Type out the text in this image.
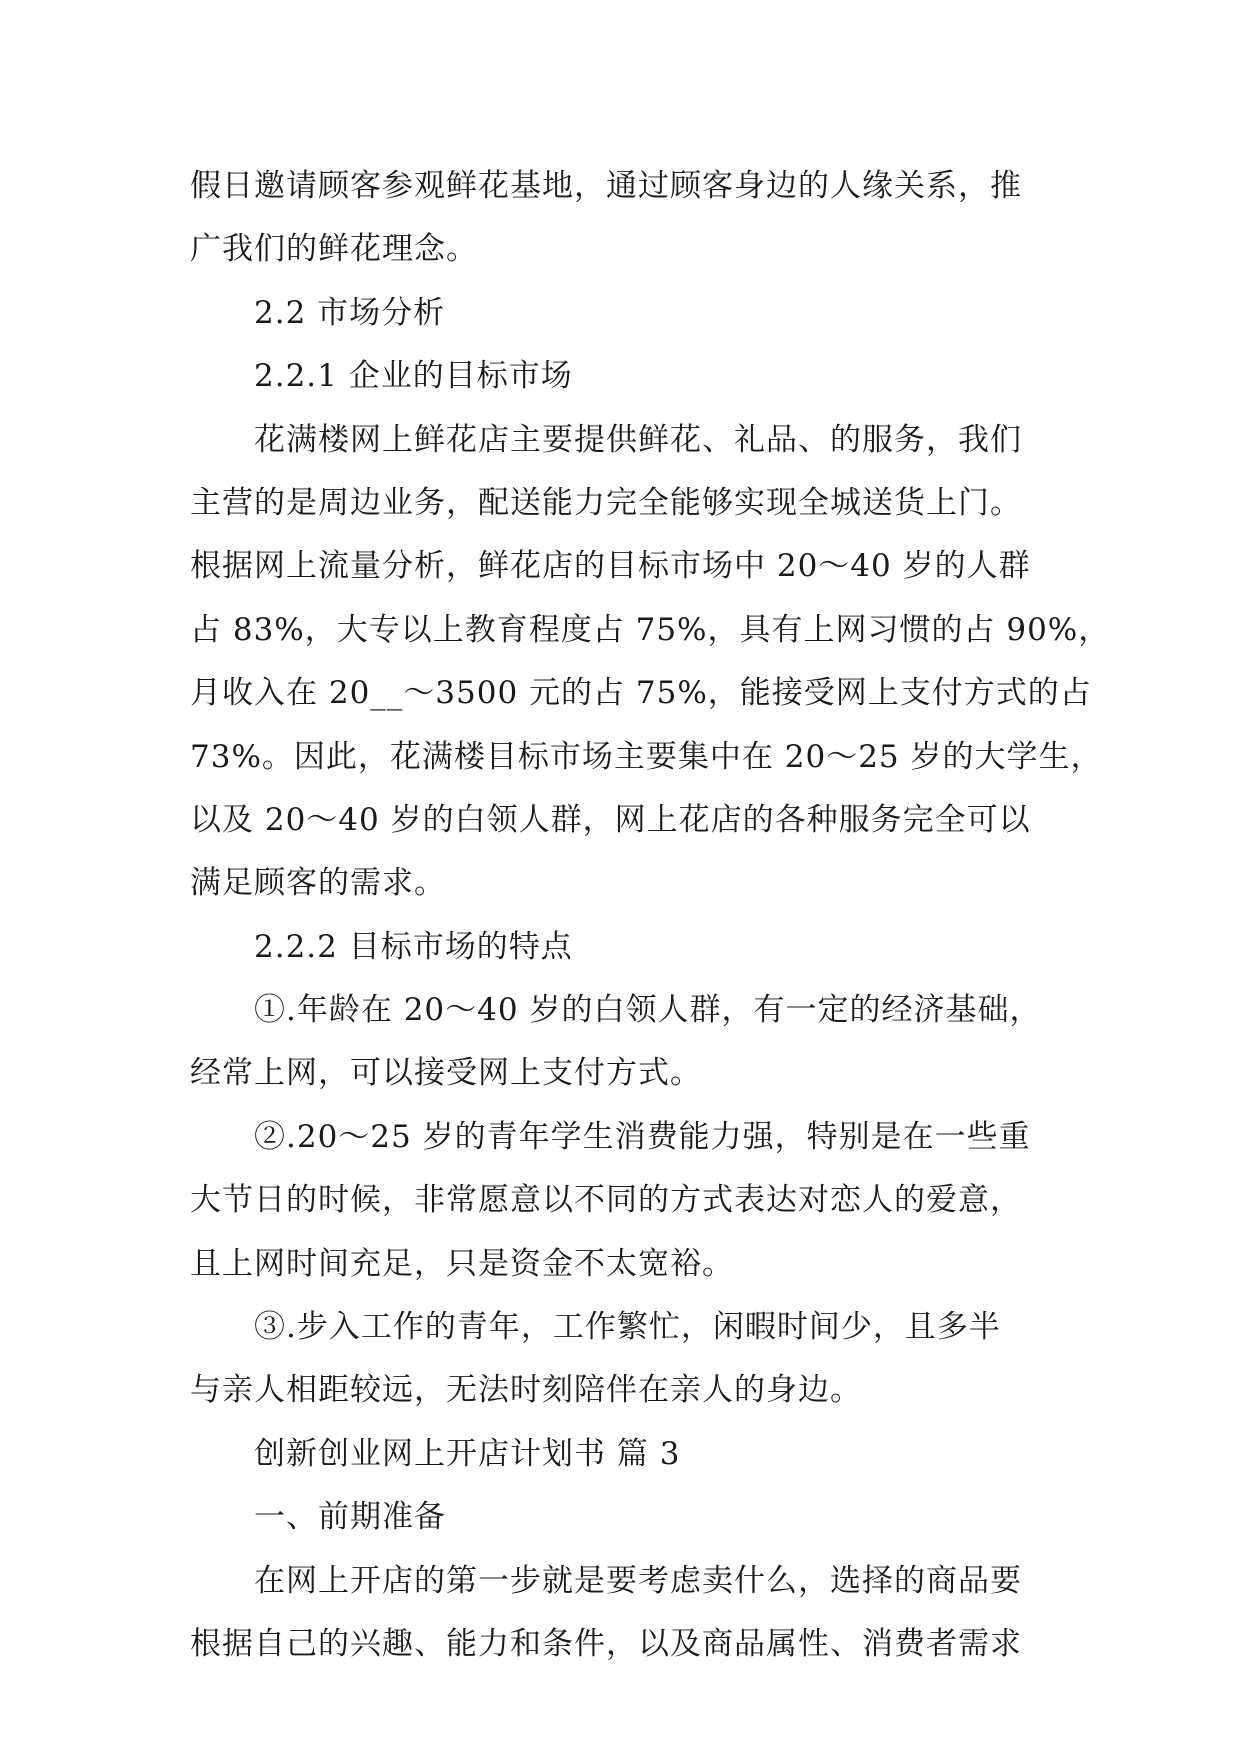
假日邀请顾客参观鲜花基地，通过顾客身边的人缘关系，推
广我们的鲜花理念。
2.2 市场分析
2.2.1 企业的目标市场
花满楼网上鲜花店主要提供鲜花、礼品、的服务，我们
主营的是周边业务，配送能力完全能够实现全城送货上门。
根据网上流量分析，鲜花店的目标市场中 20～40 岁的人群
占 83%，大专以上教育程度占 75%，具有上网习惯的占 90%，
月收入在 20__～3500 元的占 75%，能接受网上支付方式的占
73%。因此，花满楼目标市场主要集中在 20～25 岁的大学生，
以及 20～40 岁的白领人群，网上花店的各种服务完全可以
满足顾客的需求。
2.2.2 目标市场的特点
①.年龄在 20～40 岁的白领人群，有一定的经济基础，
经常上网，可以接受网上支付方式。
②.20～25 岁的青年学生消费能力强，特别是在一些重
大节日的时候，非常愿意以不同的方式表达对恋人的爱意，
且上网时间充足，只是资金不太宽裕。
③.步入工作的青年，工作繁忙，闲暇时间少，且多半
与亲人相距较远，无法时刻陪伴在亲人的身边。
创新创业网上开店计划书 篇 3
一、前期准备
在网上开店的第一步就是要考虑卖什么，选择的商品要
根据自己的兴趣、能力和条件，以及商品属性、消费者需求
